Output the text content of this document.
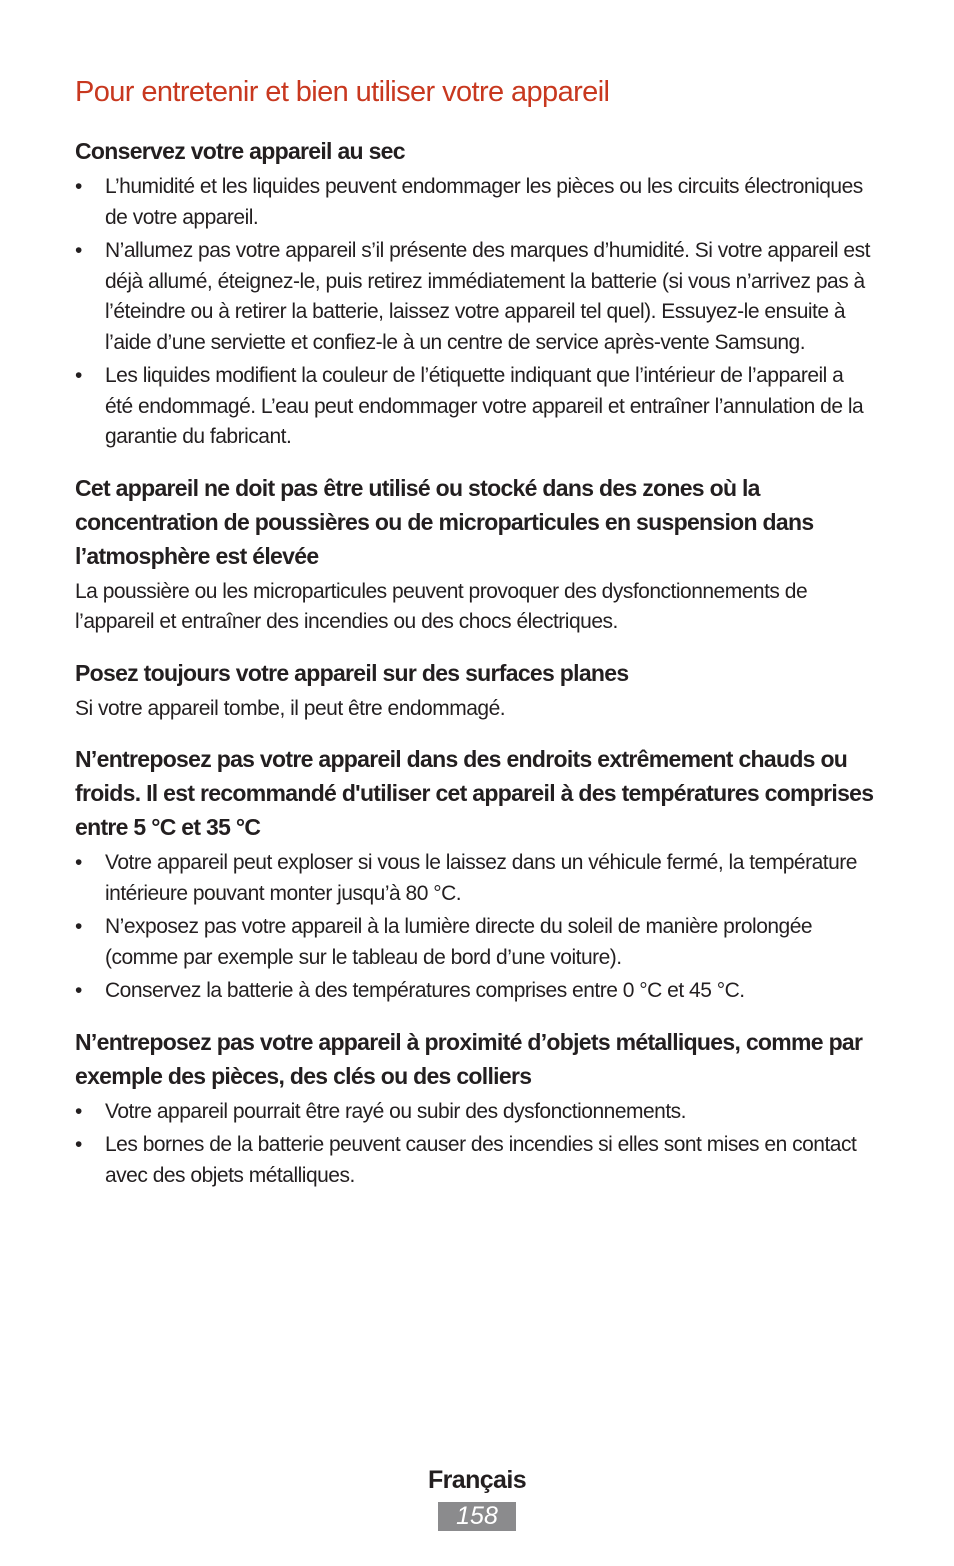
Pour entretenir et bien utiliser votre appareil
Conservez votre appareil au sec
•	L’humidité et les liquides peuvent endommager les pièces ou les circuits électroniques de votre appareil.
•	N’allumez pas votre appareil s’il présente des marques d’humidité. Si votre appareil est déjà allumé, éteignez-le, puis retirez immédiatement la batterie (si vous n’arrivez pas à l’éteindre ou à retirer la batterie, laissez votre appareil tel quel). Essuyez-le ensuite à l’aide d’une serviette et confiez-le à un centre de service après-vente Samsung.
•	Les liquides modifient la couleur de l’étiquette indiquant que l’intérieur de l’appareil a été endommagé. L’eau peut endommager votre appareil et entraîner l’annulation de la garantie du fabricant.
Cet appareil ne doit pas être utilisé ou stocké dans des zones où la concentration de poussières ou de microparticules en suspension dans l’atmosphère est élevée

La poussière ou les microparticules peuvent provoquer des dysfonctionnements de l’appareil et entraîner des incendies ou des chocs électriques.

Posez toujours votre appareil sur des surfaces planes

Si votre appareil tombe, il peut être endommagé.

N’entreposez pas votre appareil dans des endroits extrêmement chauds ou froids. Il est recommandé d'utiliser cet appareil à des températures comprises entre 5 °C et 35 °C
•	Votre appareil peut exploser si vous le laissez dans un véhicule fermé, la température intérieure pouvant monter jusqu’à 80 °C.
•	N’exposez pas votre appareil à la lumière directe du soleil de manière prolongée (comme par exemple sur le tableau de bord d’une voiture).
•	Conservez la batterie à des températures comprises entre 0 °C et 45 °C.
N’entreposez pas votre appareil à proximité d’objets métalliques, comme par exemple des pièces, des clés ou des colliers
•	Votre appareil pourrait être rayé ou subir des dysfonctionnements.
•	Les bornes de la batterie peuvent causer des incendies si elles sont mises en contact avec des objets métalliques.
Français
158
